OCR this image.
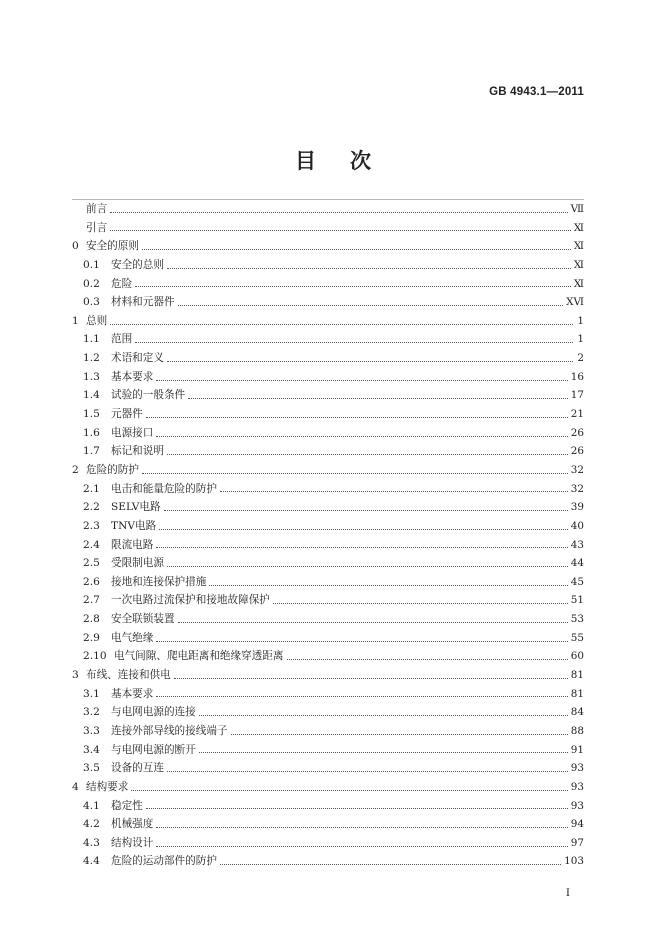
GB 4943.1—2011
目次
前言	Ⅶ
引言	Ⅺ
0 安全的原则	Ⅺ
0.1	安全的总则	Ⅺ
0.2	危险	Ⅺ
0.3	材料和元器件	ⅩⅥ
1 总则	1
1.1	范围	1
1.2	术语和定义	2
1.3	基本要求	16
1.4	试验的一般条件	17
1.5	元器件	21
1.6	电源接口	26
1.7	标记和说明	26
2 危险的防护	32
2.1	电击和能量危险的防护	32
2.2	SELV电路	39
2.3	TNV电路	40
2.4	限流电路	43
2.5	受限制电源	44
2.6	接地和连接保护措施	45
2.7	一次电路过流保护和接地故障保护	51
2.8	安全联锁装置	53
2.9	电气绝缘	55
2.10 电气间隙、爬电距离和绝缘穿透距离	60
3 布线、连接和供电	81
3.1	基本要求	81
3.2	与电网电源的连接	84
3.3	连接外部导线的接线端子	88
3.4	与电网电源的断开	91
3.5	设备的互连	93
4 结构要求	93
4.1	稳定性	93
4.2	机械强度	94
4.3	结构设计	97
4.4	危险的运动部件的防护	103
I
